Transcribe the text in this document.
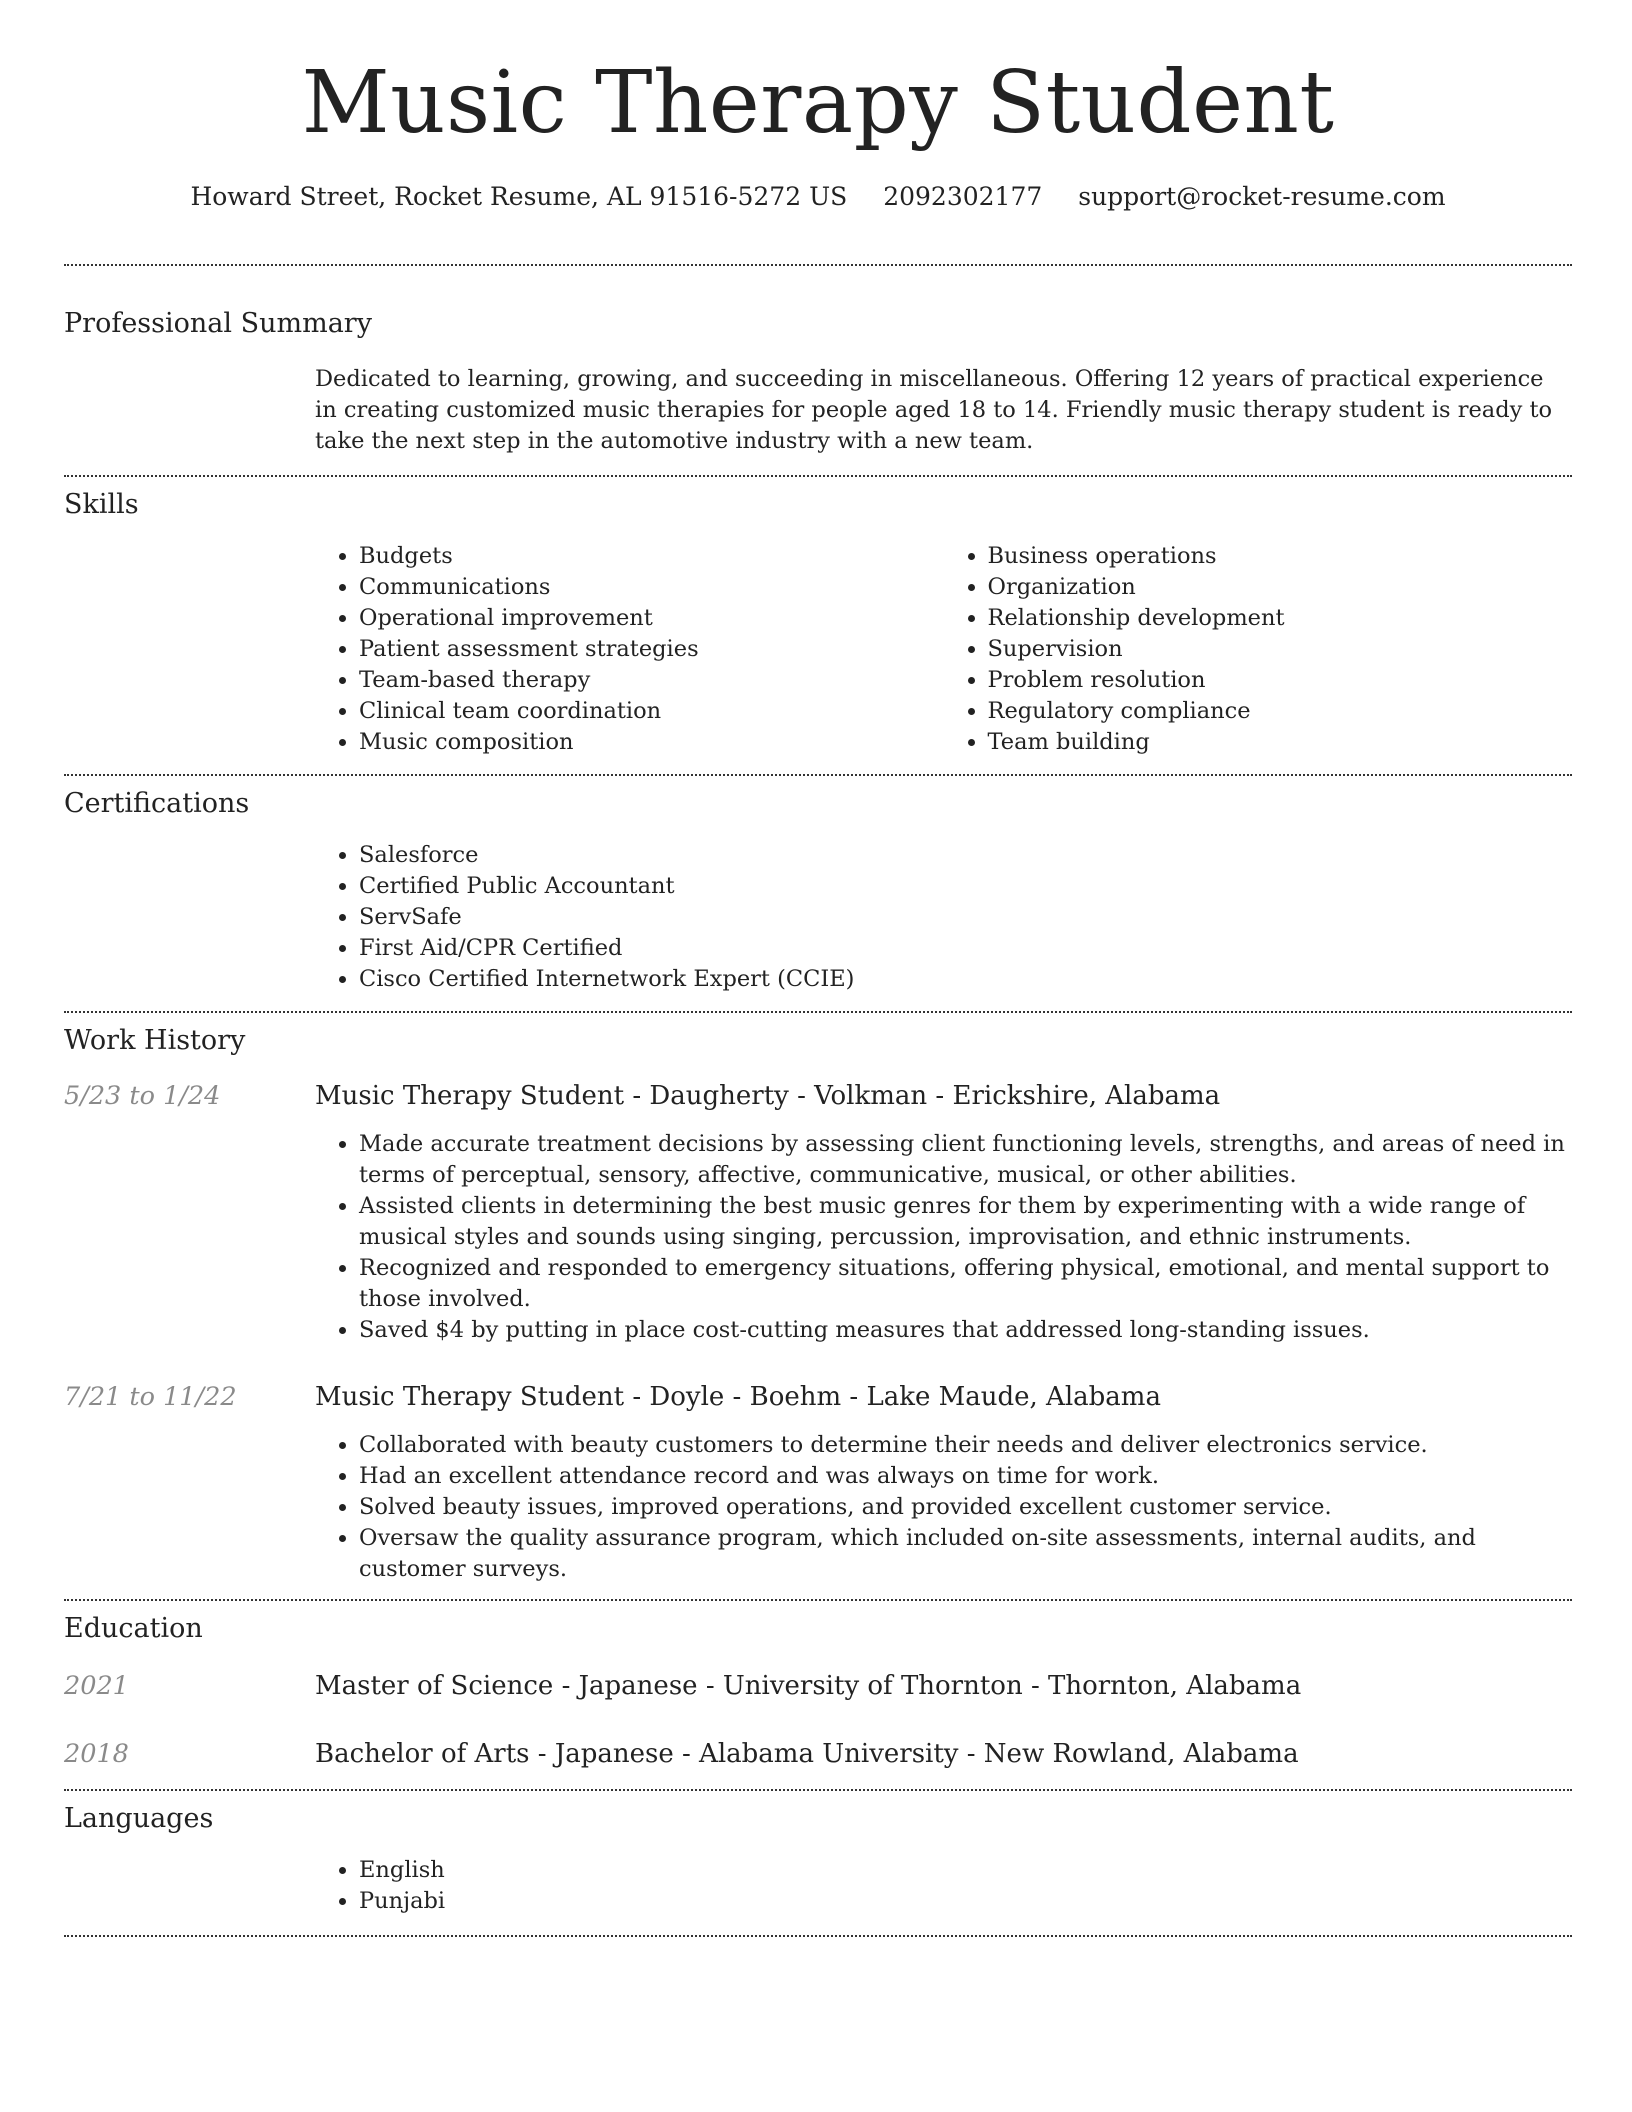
Music Therapy Student
Howard Street, Rocket Resume, AL 91516-5272 US 2092302177 support@rocket-resume.com
Professional Summary
Dedicated to learning, growing, and succeeding in miscellaneous. Offering 12 years of practical experience in creating customized music therapies for people aged 18 to 14. Friendly music therapy student is ready to take the next step in the automotive industry with a new team.
Skills
• Budgets
• Communications
• Operational improvement
• Patient assessment strategies
• Team-based therapy
• Clinical team coordination
• Music composition
• Business operations
• Organization
• Relationship development
• Supervision
• Problem resolution
• Regulatory compliance
• Team building
Certifications
• Salesforce
• Certified Public Accountant
• ServSafe
• First Aid/CPR Certified
• Cisco Certified Internetwork Expert (CCIE)
Work History
5/23 to 1/24	Music Therapy Student - Daugherty - Volkman - Erickshire, Alabama
• Made accurate treatment decisions by assessing client functioning levels, strengths, and areas of need in terms of perceptual, sensory, affective, communicative, musical, or other abilities.
• Assisted clients in determining the best music genres for them by experimenting with a wide range of musical styles and sounds using singing, percussion, improvisation, and ethnic instruments.
• Recognized and responded to emergency situations, offering physical, emotional, and mental support to those involved.
• Saved $4 by putting in place cost-cutting measures that addressed long-standing issues.
7/21 to 11/22	Music Therapy Student - Doyle - Boehm - Lake Maude, Alabama
• Collaborated with beauty customers to determine their needs and deliver electronics service.
• Had an excellent attendance record and was always on time for work.
• Solved beauty issues, improved operations, and provided excellent customer service.
• Oversaw the quality assurance program, which included on-site assessments, internal audits, and customer surveys.
Education
2021	Master of Science - Japanese - University of Thornton - Thornton, Alabama
2018	Bachelor of Arts - Japanese - Alabama University - New Rowland, Alabama
Languages
• English
• Punjabi
